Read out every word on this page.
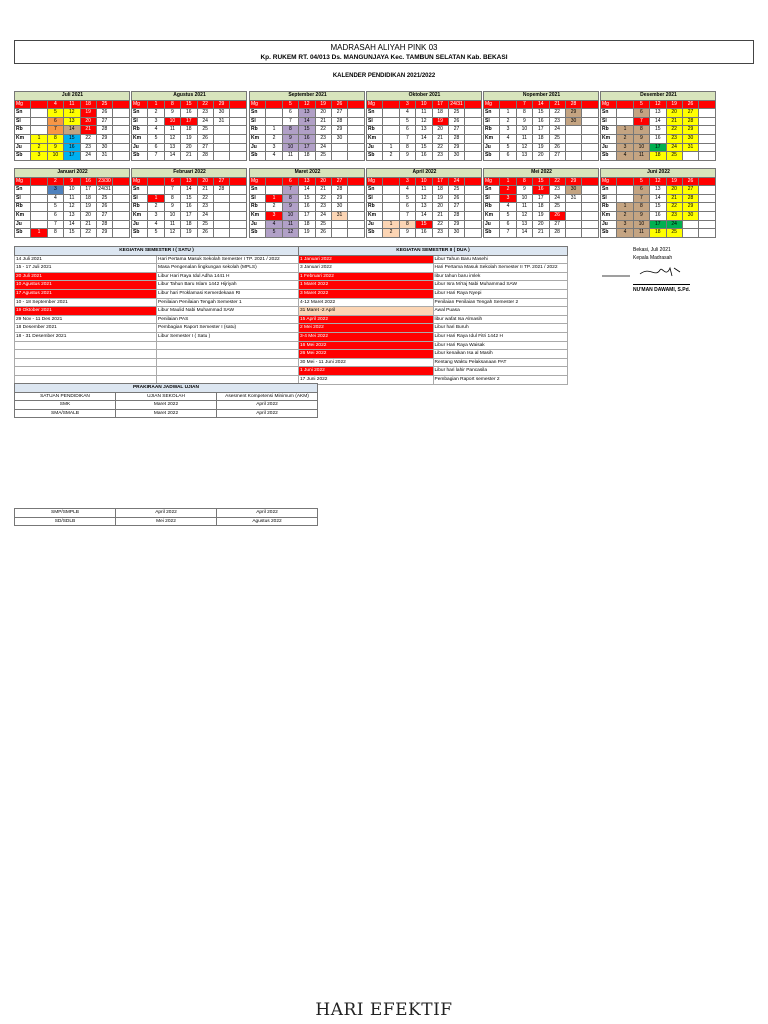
MADRASAH ALIYAH PINK 03
Kp. RUKEM RT. 04/013 Ds. MANGUNJAYA Kec. TAMBUN SELATAN Kab. BEKASI
KALENDER PENDIDIKAN 2021/2022
Juli 2021						
Mg		4	11	18	25	
Sn		5	12	19	26	
Sl		6	13	20	27	
Rb		7	14	21	28	
Km	1	8	15	22	29	
Ju	2	9	16	23	30	
Sb	3	10	17	24	31	
Agustus 2021						
Mg	1	8	15	22	29	
Sn	2	9	16	23	30	
Sl	3	10	17	24	31	
Rb	4	11	18	25		
Km	5	12	19	26		
Ju	6	13	20	27		
Sb	7	14	21	28		
September 2021						
Mg		5	12	19	26	
Sn		6	13	20	27	
Sl		7	14	21	28	
Rb	1	8	15	22	29	
Km	2	9	16	23	30	
Ju	3	10	17	24		
Sb	4	11	18	25		
Oktober 2021						
Mg		3	10	17	24/31	
Sn		4	11	18	25	
Sl		5	12	19	26	
Rb		6	13	20	27	
Km		7	14	21	28	
Ju	1	8	15	22	29	
Sb	2	9	16	23	30	
Nopember 2021						
Mg		7	14	21	28	
Sn	1	8	15	22	29	
Sl	2	9	16	23	30	
Rb	3	10	17	24		
Km	4	11	18	25		
Ju	5	12	19	26		
Sb	6	13	20	27		
Desember 2021						
Mg		5	12	19	26	
Sn		6	13	20	27	
Sl		7	14	21	28	
Rb	1	8	15	22	29	
Km	2	9	16	23	30	
Ju	3	10	17	24	31	
Sb	4	11	18	25		
Januari 2022						
Mg		2	9	16	23/30	
Sn		3	10	17	24/31	
Sl		4	11	18	25	
Rb		5	12	19	26	
Km		6	13	20	27	
Ju		7	14	21	28	
Sb	1	8	15	22	29	
Februari 2022						
Mg		6	13	20	27	
Sn		7	14	21	28	
Sl	1	8	15	22		
Rb	2	9	16	23		
Km	3	10	17	24		
Ju	4	11	18	25		
Sb	5	12	19	26		
Maret 2022						
Mg		6	13	20	27	
Sn		7	14	21	28	
Sl	1	8	15	22	29	
Rb	2	9	16	23	30	
Km	3	10	17	24	31	
Ju	4	11	18	25		
Sb	5	12	19	26		
April 2022						
Mg		3	10	17	24	
Sn		4	11	18	25	
Sl		5	12	19	26	
Rb		6	13	20	27	
Km		7	14	21	28	
Ju	1	8	15	22	29	
Sb	2	9	16	23	30	
Mei 2022						
Mg	1	8	15	22	29	
Sn	2	9	16	23	30	
Sl	3	10	17	24	31	
Rb	4	11	18	25		
Km	5	12	19	26		
Ju	6	13	20	27		
Sb	7	14	21	28		
Juni 2022						
Mg		5	12	19	26	
Sn		6	13	20	27	
Sl		7	14	21	28	
Rb	1	8	15	22	29	
Km	2	9	16	23	30	
Ju	3	10	17	24		
Sb	4	11	18	25		
KEGIATAN SEMESTER I ( SATU )	
14 Juli 2021	Hari Pertama Masuk Sekolah Semester I TP. 2021 / 2022
15 - 17 Juli 2021	Masa Pengenalan lingkungan sekolah (MPLS)
20 Juli 2021	Libur Hari Raya Idul Adha 1441 H
10 Agustus 2021	Libur Tahun Baru Islam 1442 Hijriyah
17 Agustus 2021	Libur hari Proklamasi Kemerdekaan RI
10 - 18 September 2021	Penilaian Penilaian Tengah Semester 1
19 Oktober 2021	Libur Maulid Nabi Muhammad SAW
29 Nov - 11 Des 2021	Penilaian PAS
18 Desember 2021	Pembagian Raport Semester I (satu)
18 - 31 Desember 2021	Libur Semester I ( Satu )

KEGIATAN SEMESTER II ( DUA )	
1 Januari 2022	Libur Tahun Baru Masehi
3 Januari 2022	Hari Pertama Masuk Sekolah Semester II TP. 2021 / 2022
1 Februari 2022	libur tahun baru imlek
1 Maret 2022	Libur Isra Mi'raj Nabi Muhammad SAW
3 Maret 2022	Libur Hari Raya Nyepi
4-12 Maret 2022	Penilaian Penilaian Tengah Semester 2
31 Maret -2 April	Awal Puasa
15 April 2022	libur wafat Isa Almasih
2 Mei 2022	Libur hari Buruh
3-4 Mei 2022	Libur Hari Raya Idul Fitri 1442 H
16 Mei 2022	Libur Hari Raya Waisak
26 Mei 2022	Libur kenaikan Isa al Masih
30 Mei - 11 Juni 2022	Rentang Waktu Pelaksanaan PAT
1 Juni 2022	Libur hari lahir Pancasila
17 Juni 2022	Pembagian Raport semester 2
Bekasi, Juli 2021
Kepala Madrasah
NU'MAN DAWAMI, S.Pd.
PRAKIRAAN JADWAL UJIAN		
SATUAN PENDIDIKAN	UJIAN SEKOLAH	Asesment Kompetensi Minimum (AKM)
SMK	Maret 2022	April 2022
SMA/SMALB	Maret 2022	April 2022
SMP/SMPLB	April 2022	April 2022
SD/SDLB	Mei 2022	Agustus 2022
HARI EFEKTIF
